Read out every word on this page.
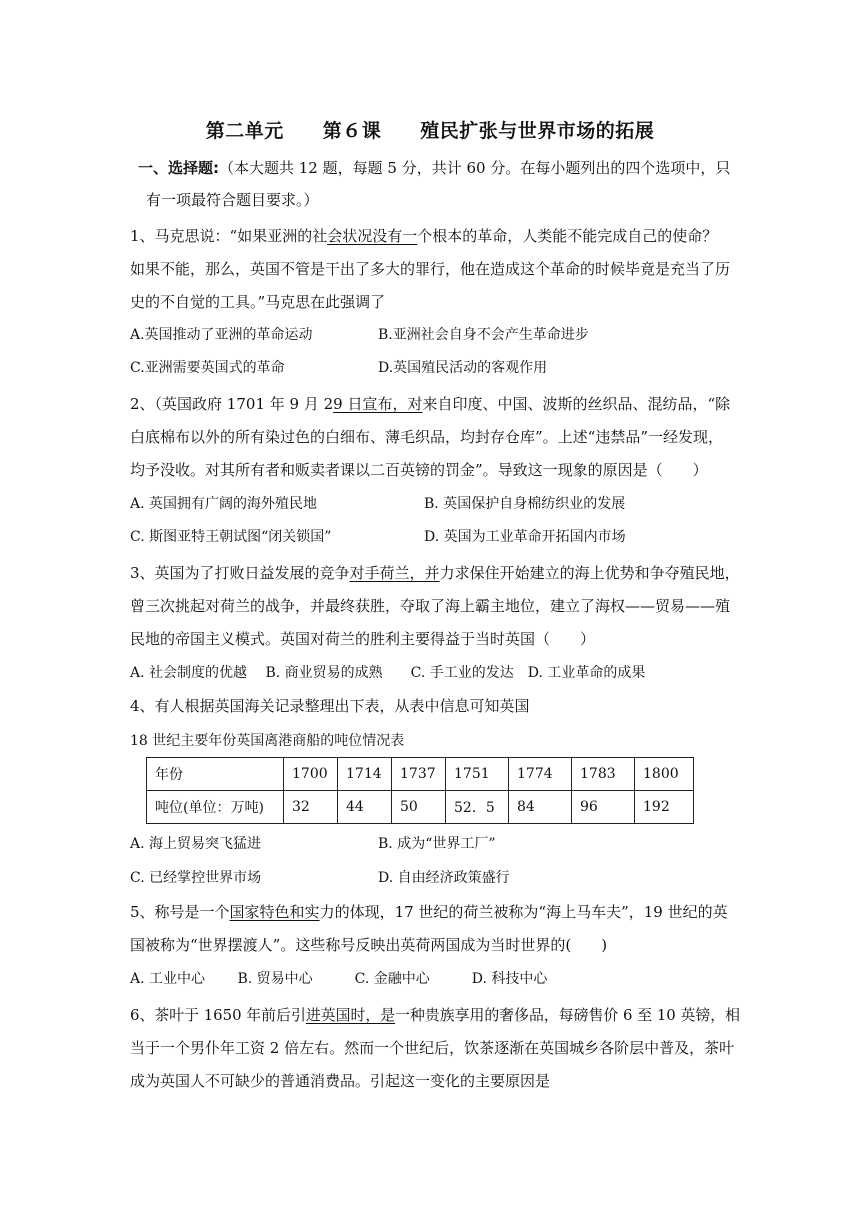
第二单元　　第６课　　殖民扩张与世界市场的拓展
一、选择题:（本大题共 12 题，每题 5 分，共计 60 分。在每小题列出的四个选项中，只
有一项最符合题目要求。）
1、马克思说：“如果亚洲的社会状况没有一个根本的革命，人类能不能完成自己的使命？
如果不能，那么，英国不管是干出了多大的罪行，他在造成这个革命的时候毕竟是充当了历
史的不自觉的工具。”马克思在此强调了
A.英国推动了亚洲的革命运动	B.亚洲社会自身不会产生革命进步
C.亚洲需要英国式的革命	D.英国殖民活动的客观作用
2、（英国政府 1701 年 9 月 29 日宣布，对来自印度、中国、波斯的丝织品、混纺品，“除
白底棉布以外的所有染过色的白细布、薄毛织品，均封存仓库”。上述“违禁品”一经发现，
均予没收。对其所有者和贩卖者课以二百英镑的罚金”。导致这一现象的原因是（　　）
A. 英国拥有广阔的海外殖民地	B. 英国保护自身棉纺织业的发展
C. 斯图亚特王朝试图“闭关锁国”	D. 英国为工业革命开拓国内市场
3、英国为了打败日益发展的竞争对手荷兰，并力求保住开始建立的海上优势和争夺殖民地，
曾三次挑起对荷兰的战争，并最终获胜，夺取了海上霸主地位，建立了海权——贸易——殖
民地的帝国主义模式。英国对荷兰的胜利主要得益于当时英国（　　）
A. 社会制度的优越　 B. 商业贸易的成熟　　C. 手工业的发达　D. 工业革命的成果
4、有人根据英国海关记录整理出下表，从表中信息可知英国
18 世纪主要年份英国离港商船的吨位情况表
年份	1700	1714	1737	1751	1774	1783	1800
吨位(单位：万吨)	32	44	50	52．5	84	96	192
A. 海上贸易突飞猛进	B. 成为“世界工厂”
C. 已经掌控世界市场	D. 自由经济政策盛行
5、称号是一个国家特色和实力的体现，17 世纪的荷兰被称为“海上马车夫”，19 世纪的英
国被称为“世界摆渡人”。这些称号反映出英荷两国成为当时世界的(　　)
A. 工业中心　　 B. 贸易中心　　　C. 金融中心　　　D. 科技中心
6、茶叶于 1650 年前后引进英国时，是一种贵族享用的奢侈品，每磅售价 6 至 10 英镑，相
当于一个男仆年工资 2 倍左右。然而一个世纪后，饮茶逐渐在英国城乡各阶层中普及，茶叶
成为英国人不可缺少的普通消费品。引起这一变化的主要原因是
